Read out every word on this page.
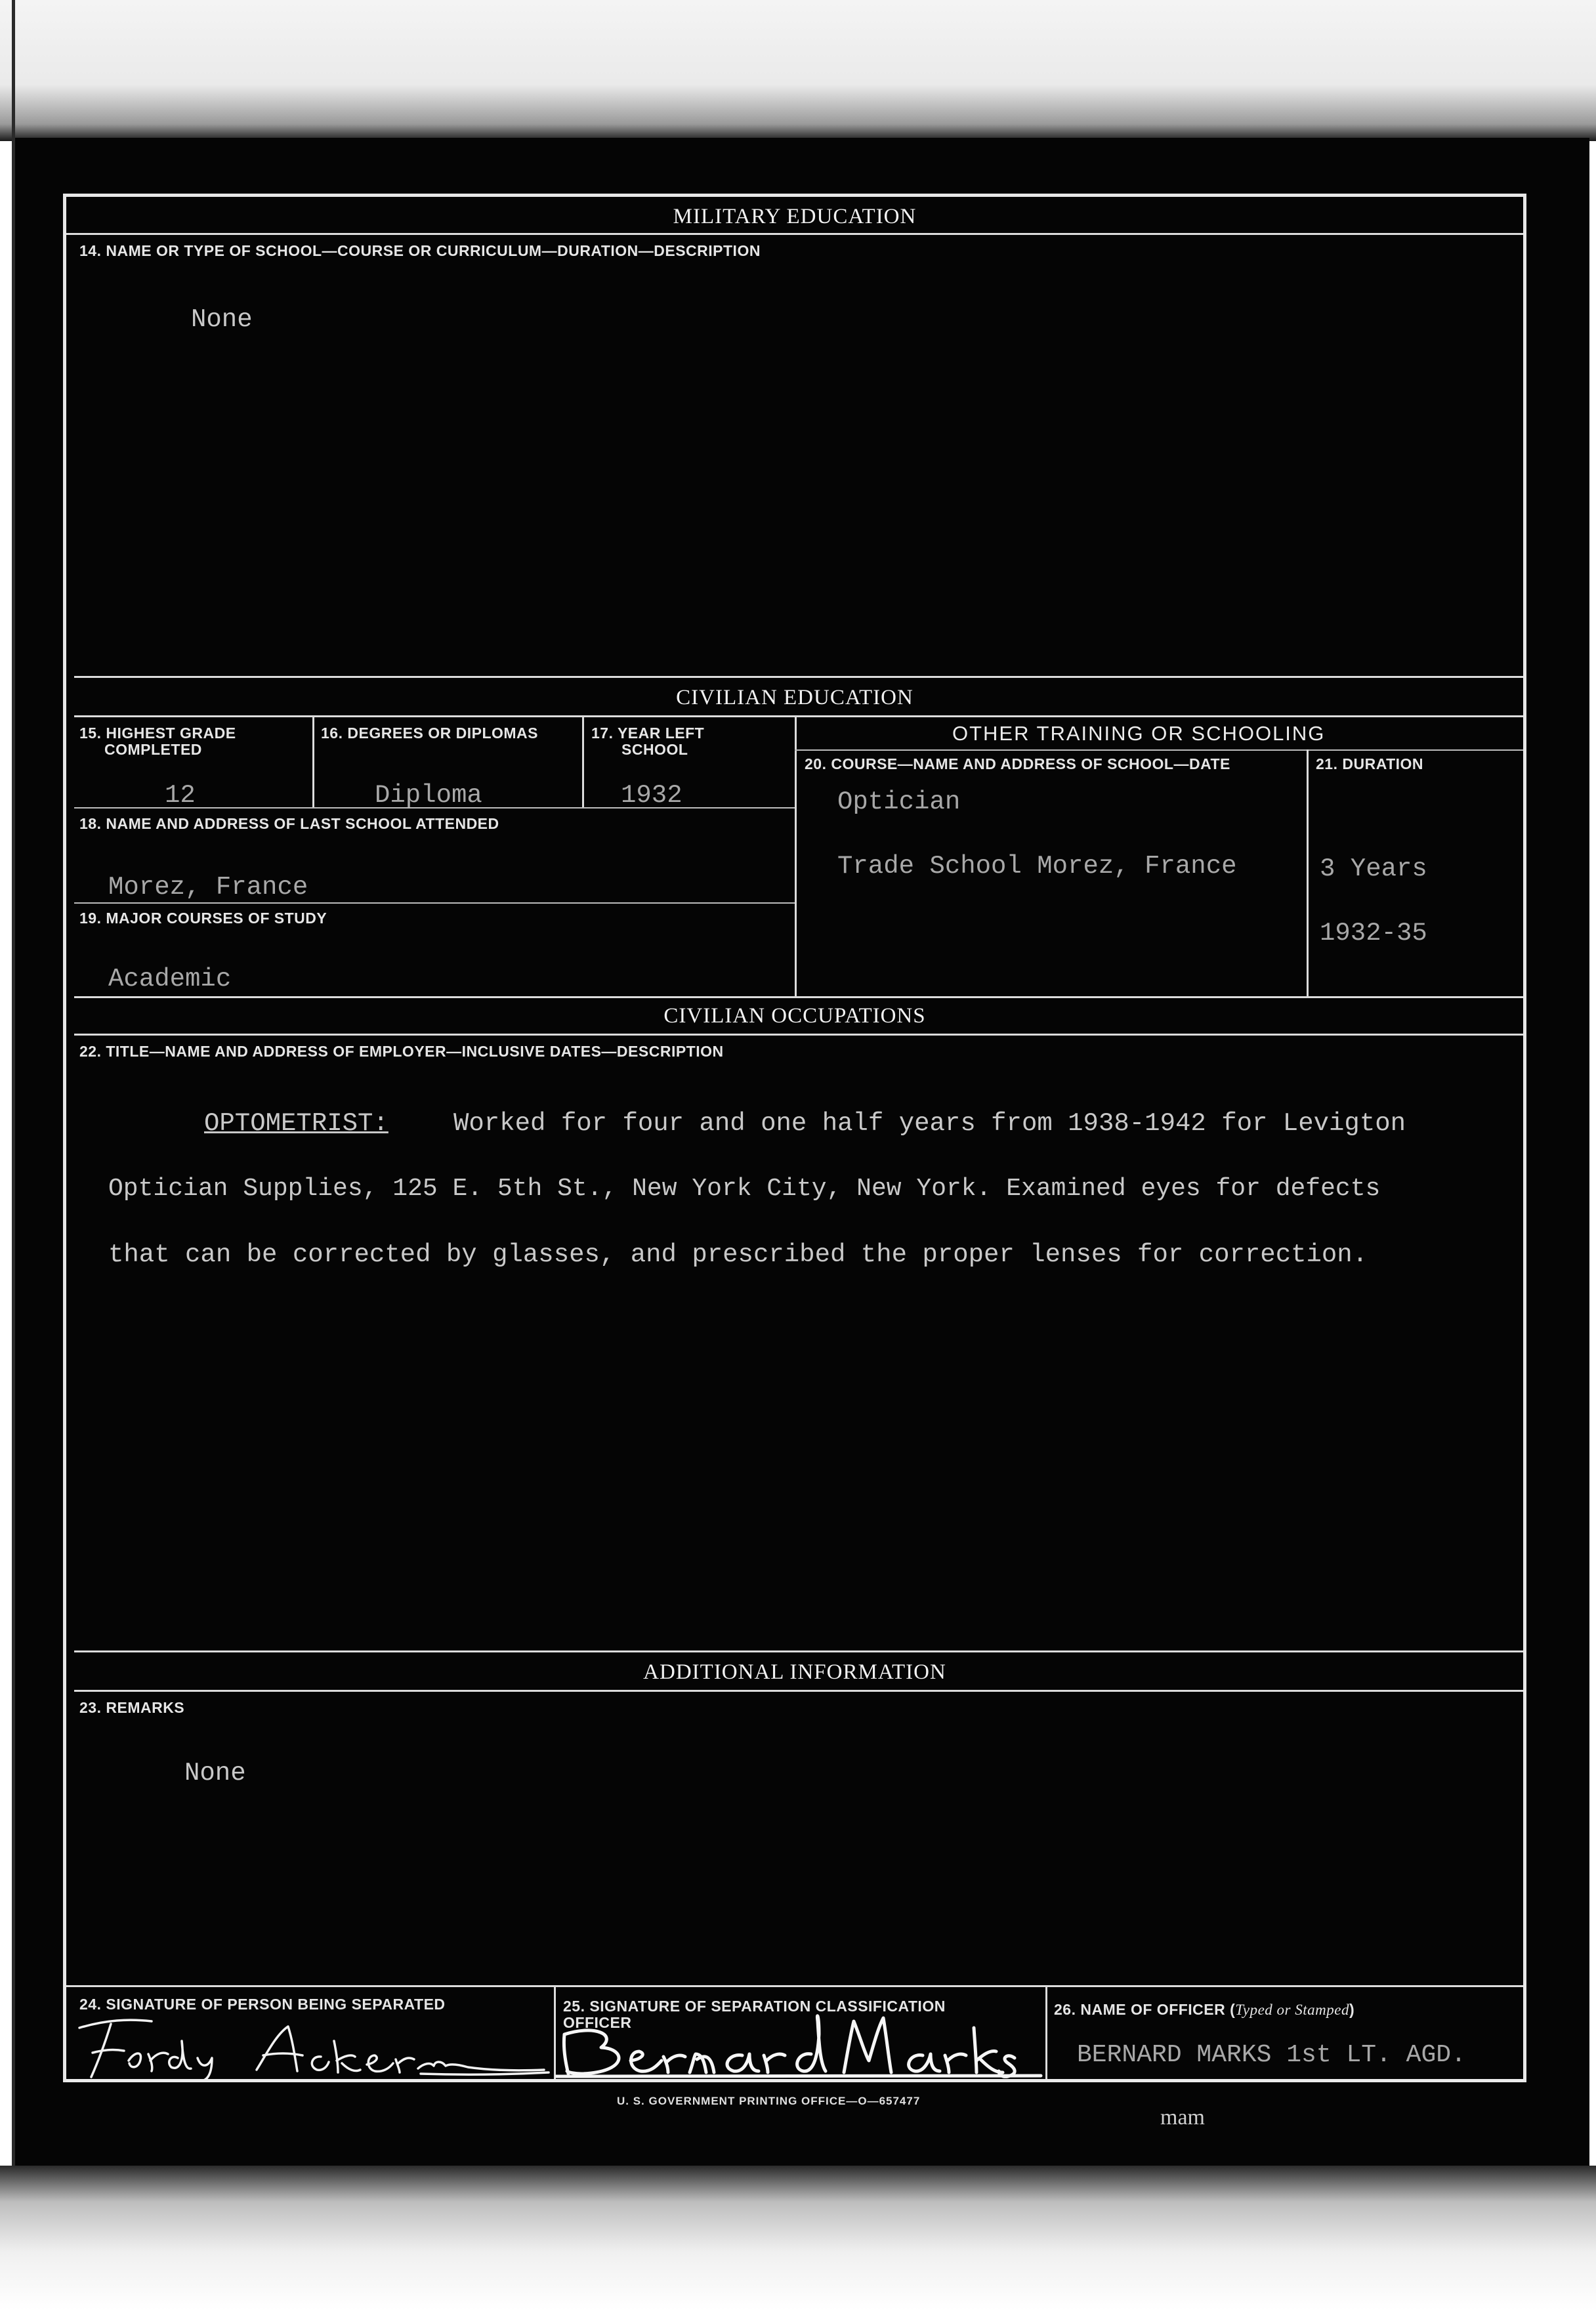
MILITARY EDUCATION
14. NAME OR TYPE OF SCHOOL—COURSE OR CURRICULUM—DURATION—DESCRIPTION
None
CIVILIAN EDUCATION
15. HIGHEST GRADE
COMPLETED
12
16. DEGREES OR DIPLOMAS
Diploma
17. YEAR LEFT
SCHOOL
1932
18. NAME AND ADDRESS OF LAST SCHOOL ATTENDED
Morez, France
19. MAJOR COURSES OF STUDY
Academic
OTHER TRAINING OR SCHOOLING
20. COURSE—NAME AND ADDRESS OF SCHOOL—DATE
Optician
Trade School Morez, France
21. DURATION
3 Years
1932-35
CIVILIAN OCCUPATIONS
22. TITLE—NAME AND ADDRESS OF EMPLOYER—INCLUSIVE DATES—DESCRIPTION
OPTOMETRIST:	Worked for four and one half years from 1938-1942 for Levigton
Optician Supplies, 125 E. 5th St., New York City, New York. Examined eyes for defects
that can be corrected by glasses, and prescribed the proper lenses for correction.
ADDITIONAL INFORMATION
23. REMARKS
None
24. SIGNATURE OF PERSON BEING SEPARATED	25. SIGNATURE OF SEPARATION CLASSIFICATION
OFFICER
26. NAME OF OFFICER (Typed or Stamped)
BERNARD MARKS 1st LT. AGD.
U. S. GOVERNMENT PRINTING OFFICE—O—657477
mam
